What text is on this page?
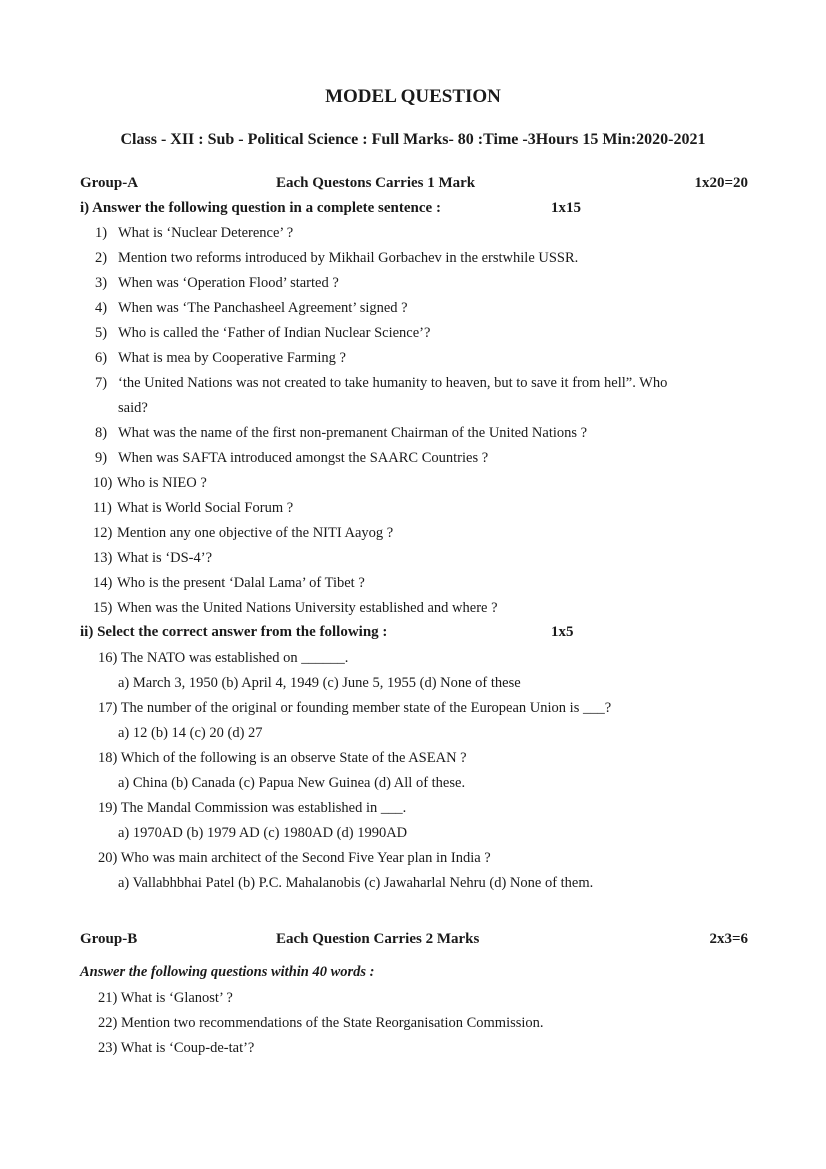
MODEL QUESTION
Class - XII : Sub - Political Science : Full Marks- 80 :Time -3Hours 15 Min:2020-2021
Group-A	Each Questons Carries 1 Mark	1x20=20
i) Answer the following question in a complete sentence :	1x15
1) What is ‘Nuclear Deterence’ ?
2) Mention two reforms introduced by Mikhail Gorbachev in the erstwhile USSR.
3) When was ‘Operation Flood’ started ?
4) When was ‘The Panchasheel Agreement’ signed ?
5) Who is called the ‘Father of Indian Nuclear Science’?
6) What is mea by Cooperative Farming ?
7) ‘the United Nations was not created to take humanity to heaven, but to save it from hell”. Who
said?
8) What was the name of the first non-premanent Chairman of the United Nations ?
9) When was SAFTA introduced amongst the SAARC Countries ?
10) Who is NIEO ?
11) What is World Social Forum ?
12) Mention any one objective of the NITI Aayog ?
13) What is ‘DS-4’?
14) Who is the present ‘Dalal Lama’ of Tibet ?
15) When was the United Nations University established and where ?
ii) Select the correct answer from the following :	1x5
16) The NATO was established on ______.
a) March 3, 1950 (b) April 4, 1949 (c) June 5, 1955 (d) None of these
17) The number of the original or founding member state of the European Union is ___?
a) 12 (b) 14 (c) 20 (d) 27
18) Which of the following is an observe State of the ASEAN ?
a) China (b) Canada (c) Papua New Guinea (d) All of these.
19) The Mandal Commission was established in ___.
a) 1970AD (b) 1979 AD (c) 1980AD (d) 1990AD
20) Who was main architect of the Second Five Year plan in India ?
a) Vallabhbhai Patel (b) P.C. Mahalanobis (c) Jawaharlal Nehru (d) None of them.
Group-B	Each Question Carries 2 Marks	2x3=6
Answer the following questions within 40 words :
21) What is ‘Glanost’ ?
22) Mention two recommendations of the State Reorganisation Commission.
23) What is ‘Coup-de-tat’?
